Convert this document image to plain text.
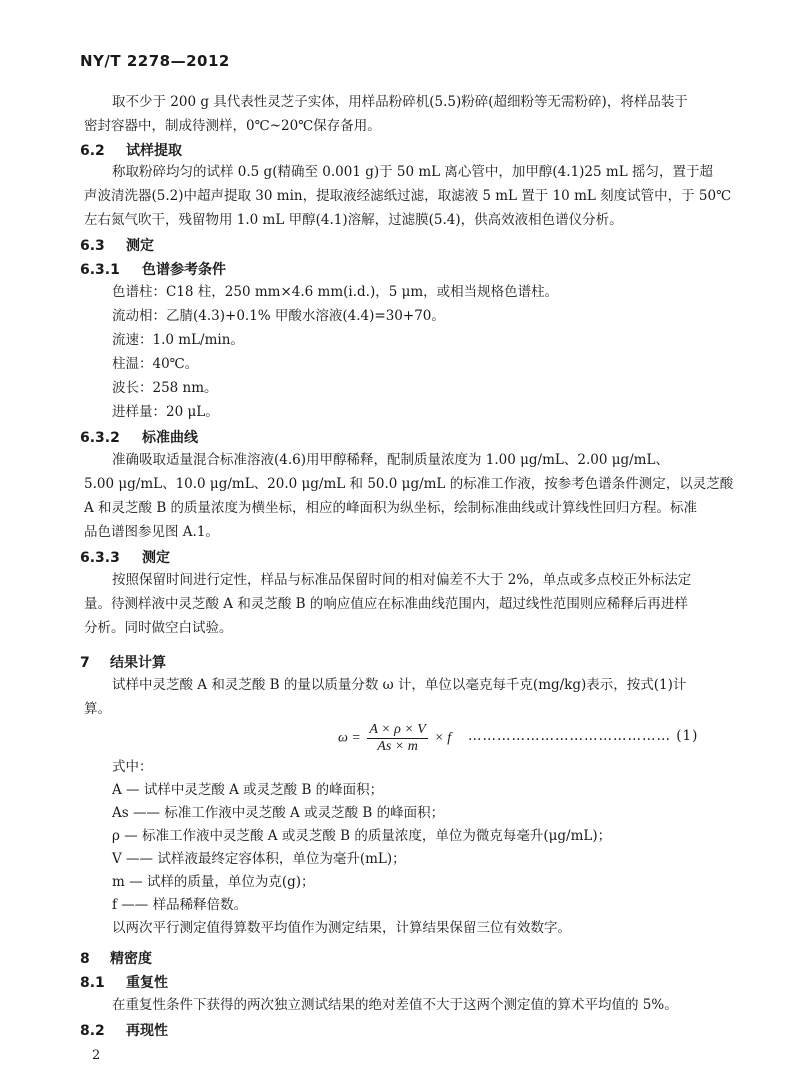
NY/T 2278—2012
取不少于 200 g 具代表性灵芝子实体，用样品粉碎机(5.5)粉碎(超细粉等无需粉碎)，将样品装于
密封容器中，制成待测样，0℃~20℃保存备用。
6.2 试样提取
称取粉碎均匀的试样 0.5 g(精确至 0.001 g)于 50 mL 离心管中，加甲醇(4.1)25 mL 摇匀，置于超
声波清洗器(5.2)中超声提取 30 min，提取液经滤纸过滤，取滤液 5 mL 置于 10 mL 刻度试管中，于 50℃
左右氮气吹干，残留物用 1.0 mL 甲醇(4.1)溶解，过滤膜(5.4)，供高效液相色谱仪分析。
6.3 测定
6.3.1 色谱参考条件
色谱柱：C18 柱，250 mm×4.6 mm(i.d.)，5 μm，或相当规格色谱柱。
流动相：乙腈(4.3)+0.1% 甲酸水溶液(4.4)=30+70。
流速：1.0 mL/min。
柱温：40℃。
波长：258 nm。
进样量：20 μL。
6.3.2 标准曲线
准确吸取适量混合标准溶液(4.6)用甲醇稀释，配制质量浓度为 1.00 μg/mL、2.00 μg/mL、
5.00 μg/mL、10.0 μg/mL、20.0 μg/mL 和 50.0 μg/mL 的标准工作液，按参考色谱条件测定，以灵芝酸
A 和灵芝酸 B 的质量浓度为横坐标，相应的峰面积为纵坐标，绘制标准曲线或计算线性回归方程。标准
品色谱图参见图 A.1。
6.3.3 测定
按照保留时间进行定性，样品与标准品保留时间的相对偏差不大于 2%，单点或多点校正外标法定
量。待测样液中灵芝酸 A 和灵芝酸 B 的响应值应在标准曲线范围内，超过线性范围则应稀释后再进样
分析。同时做空白试验。
7 结果计算
试样中灵芝酸 A 和灵芝酸 B 的量以质量分数 ω 计，单位以毫克每千克(mg/kg)表示，按式(1)计
算。
$\omega = \frac{A \times \rho \times V}{As \times m} \times f$ …………………………………… (1)
式中：
A — 试样中灵芝酸 A 或灵芝酸 B 的峰面积；
As —— 标准工作液中灵芝酸 A 或灵芝酸 B 的峰面积；
ρ — 标准工作液中灵芝酸 A 或灵芝酸 B 的质量浓度，单位为微克每毫升(μg/mL)；
V —— 试样液最终定容体积，单位为毫升(mL)；
m — 试样的质量，单位为克(g)；
f —— 样品稀释倍数。
以两次平行测定值得算数平均值作为测定结果，计算结果保留三位有效数字。
8 精密度
8.1 重复性
在重复性条件下获得的两次独立测试结果的绝对差值不大于这两个测定值的算术平均值的 5%。
8.2 再现性
2
